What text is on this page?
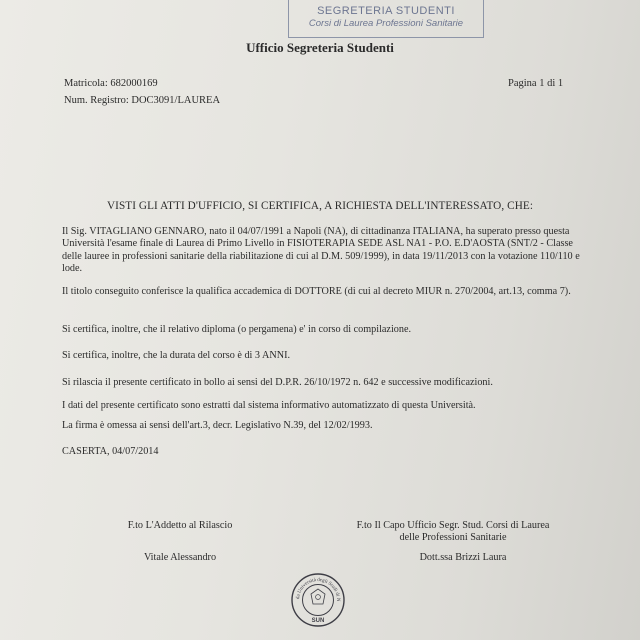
SEGRETERIA STUDENTI
Corsi di Laurea Professioni Sanitarie
Ufficio Segreteria Studenti
Matricola: 682000169
Num. Registro: DOC3091/LAUREA
Pagina 1 di 1
VISTI GLI ATTI D'UFFICIO, SI CERTIFICA, A RICHIESTA DELL'INTERESSATO, CHE:
Il Sig. VITAGLIANO GENNARO, nato il 04/07/1991 a Napoli (NA), di cittadinanza ITALIANA, ha superato presso questa Università l'esame finale di Laurea di Primo Livello in FISIOTERAPIA SEDE ASL NA1 - P.O. E.D'AOSTA (SNT/2 - Classe delle lauree in professioni sanitarie della riabilitazione di cui al D.M. 509/1999), in data 19/11/2013 con la votazione 110/110 e lode.
Il titolo conseguito conferisce la qualifica accademica di DOTTORE (di cui al decreto MIUR n. 270/2004, art.13, comma 7).
Si certifica, inoltre, che il relativo diploma (o pergamena) e' in corso di compilazione.
Si certifica, inoltre, che la durata del corso è di 3 ANNI.
Si rilascia il presente certificato in bollo ai sensi del D.P.R. 26/10/1972 n. 642 e successive modificazioni.
I dati del presente certificato sono estratti dal sistema informativo automatizzato di questa Università.
La firma è omessa ai sensi dell'art.3, decr. Legislativo N.39, del 12/02/1993.
CASERTA, 04/07/2014
F.to L'Addetto al Rilascio
Vitale Alessandro
F.to Il Capo Ufficio Segr. Stud. Corsi di Laurea
delle Professioni Sanitarie
Dott.ssa Brizzi Laura
da Università degli Studi di N
SUN
